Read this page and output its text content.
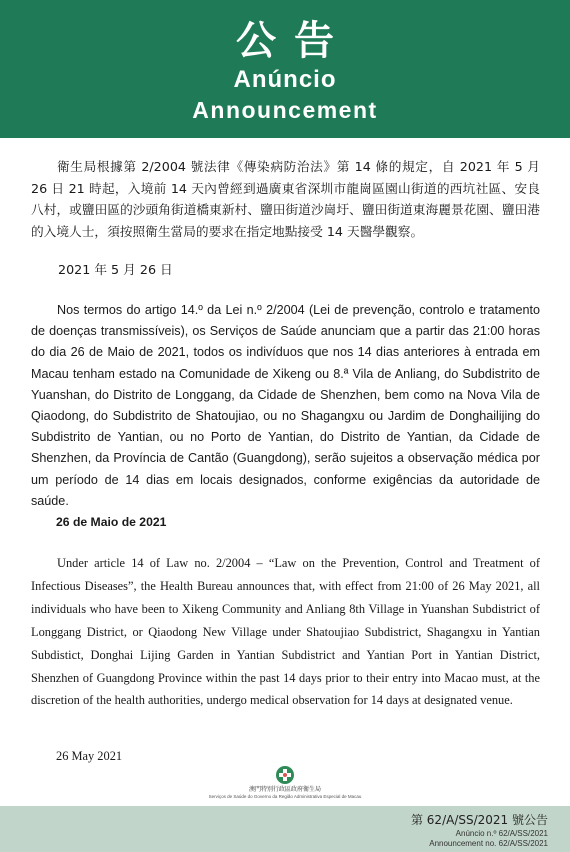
公告
Anúncio
Announcement

衛生局根據第 2/2004 號法律《傳染病防治法》第 14 條的規定，自 2021 年 5 月 26 日 21 時起，入境前 14 天內曾經到過廣東省深圳市龍崗區園山街道的西坑社區、安良八村，或鹽田區的沙頭角街道橋東新村、鹽田街道沙崗圩、鹽田街道東海麗景花園、鹽田港的入境人士，須按照衛生當局的要求在指定地點接受 14 天醫學觀察。

2021 年 5 月 26 日

Nos termos do artigo 14.º da Lei n.º 2/2004 (Lei de prevenção, controlo e tratamento de doenças transmissíveis), os Serviços de Saúde anunciam que a partir das 21:00 horas do dia 26 de Maio de 2021, todos os indivíduos que nos 14 dias anteriores à entrada em Macau tenham estado na Comunidade de Xikeng ou 8.ª Vila de Anliang, do Subdistrito de Yuanshan, do Distrito de Longgang, da Cidade de Shenzhen, bem como na Nova Vila de Qiaodong, do Subdistrito de Shatoujiao, ou no Shagangxu ou Jardim de Donghailijing do Subdistrito de Yantian, ou no Porto de Yantian, do Distrito de Yantian, da Cidade de Shenzhen, da Província de Cantão (Guangdong), serão sujeitos a observação médica por um período de 14 dias em locais designados, conforme exigências da autoridade de saúde.

26 de Maio de 2021

Under article 14 of Law no. 2/2004 – “Law on the Prevention, Control and Treatment of Infectious Diseases”, the Health Bureau announces that, with effect from 21:00 of 26 May 2021, all individuals who have been to Xikeng Community and Anliang 8th Village in Yuanshan Subdistrict of Longgang District, or Qiaodong New Village under Shatoujiao Subdistrict, Shagangxu in Yantian Subdistict, Donghai Lijing Garden in Yantian Subdistrict and Yantian Port in Yantian District, Shenzhen of Guangdong Province within the past 14 days prior to their entry into Macao must, at the discretion of the health authorities, undergo medical observation for 14 days at designated venue.

26 May 2021

澳門特別行政區政府衛生局
Serviços de Saúde do Governo da Região Administrativa Especial de Macau
第 62/A/SS/2021 號公告
Anúncio n.º 62/A/SS/2021
Announcement no. 62/A/SS/2021
